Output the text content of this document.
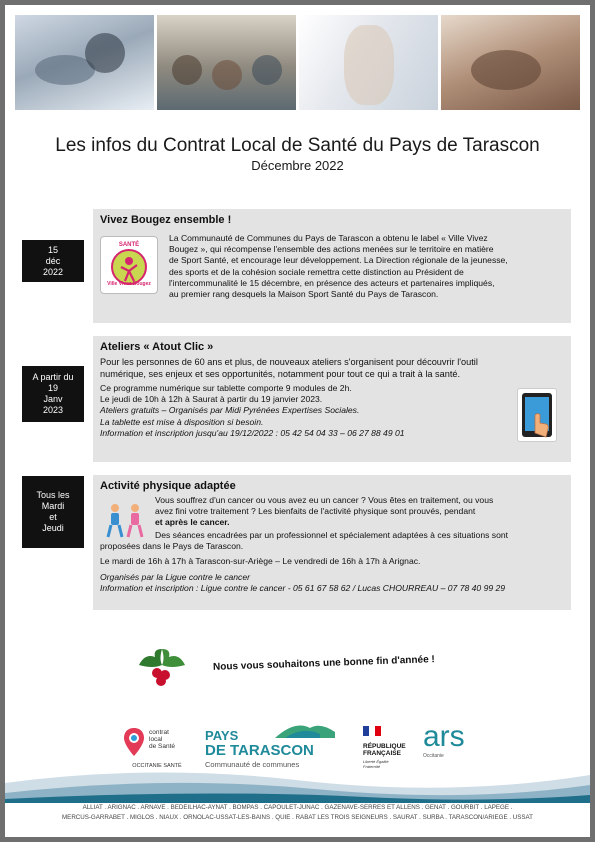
Les infos du Contrat Local de Santé du Pays de Tarascon
Décembre 2022
15
déc
2022
Vivez Bougez ensemble !
SANTÉ
Ville Vivez Bougez

La Communauté de Communes du Pays de Tarascon a obtenu le label « Ville Vivez

Bougez », qui récompense l'ensemble des actions menées sur le territoire en matière

de Sport Santé, et encourage leur développement. La Direction régionale de la jeunesse,

des sports et de la cohésion sociale remettra cette distinction au Président de

l'intercommunalité le 15 décembre, en présence des acteurs et partenaires impliqués,

au premier rang desquels la Maison Sport Santé du Pays de Tarascon.

A partir du
19
Janv
2023
Ateliers « Atout Clic »

Pour les personnes de 60 ans et plus, de nouveaux ateliers s'organisent pour découvrir l'outil

numérique, ses enjeux et ses opportunités, notamment pour tout ce qui a trait à la santé.

Ce programme numérique sur tablette comporte 9 modules de 2h.

Le jeudi de 10h à 12h à Saurat à partir du 19 janvier 2023.

Ateliers gratuits – Organisés par Midi Pyrénées Expertises Sociales.

La tablette est mise à disposition si besoin.

Information et inscription jusqu'au 19/12/2022 : 05 42 54 04 33 – 06 27 88 49 01

Tous les
Mardi
et
Jeudi
Activité physique adaptée

Vous souffrez d'un cancer ou vous avez eu un cancer ? Vous êtes en traitement, ou vous

avez fini votre traitement ? Les bienfaits de l'activité physique sont prouvés, pendant

et après le cancer.

Des séances encadrées par un professionnel et spécialement adaptées à ces situations sont

proposées dans le Pays de Tarascon.

Le mardi de 16h à 17h à Tarascon-sur-Ariège – Le vendredi de 16h à 17h à Arignac.

Organisés par la Ligue contre le cancer

Information et inscription : Ligue contre le cancer - 05 61 67 58 62 / Lucas CHOURREAU – 07 78 40 99 29

Nous vous souhaitons une bonne fin d'année !
contrat
local
de Santé
OCCITANIE SANTÉ
PAYS
DE TARASCON
Communauté de communes
RÉPUBLIQUE
FRANÇAISE
Liberté Égalité Fraternité
ars
Occitanie
ALLIAT . ARIGNAC . ARNAVE . BEDEILHAC-AYNAT . BOMPAS . CAPOULET-JUNAC . GAZENAVE-SERRES ET ALLENS . GENAT . GOURBIT . LAPEGE .
MERCUS-GARRABET . MIGLOS . NIAUX . ORNOLAC-USSAT-LES-BAINS . QUIE . RABAT LES TROIS SEIGNEURS . SAURAT . SURBA . TARASCON/ARIEGE . USSAT
